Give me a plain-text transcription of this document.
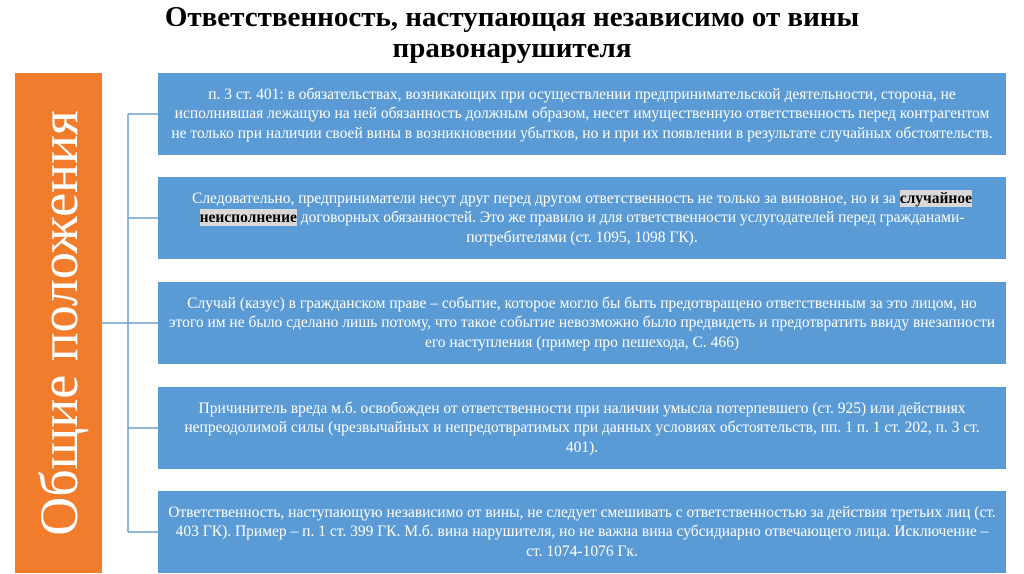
Ответственность, наступающая независимо от вины
правонарушителя
Общие положения
п. 3 ст. 401: в обязательствах, возникающих при осуществлении предпринимательской деятельности, сторона, не исполнившая лежащую на ней обязанность должным образом, несет имущественную ответственность перед контрагентом не только при наличии своей вины в возникновении убытков, но и при их появлении в результате случайных обстоятельств.
Следовательно, предприниматели несут друг перед другом ответственность не только за виновное, но и за случайное неисполнение договорных обязанностей. Это же правило и для ответственности услугодателей перед гражданами-потребителями (ст. 1095, 1098 ГК).
Случай (казус) в гражданском праве – событие, которое могло бы быть предотвращено ответственным за это лицом, но этого им не было сделано лишь потому, что такое событие невозможно было предвидеть и предотвратить ввиду внезапности его наступления (пример про пешехода, С. 466)
Причинитель вреда м.б. освобожден от ответственности при наличии умысла потерпевшего (ст. 925) или действиях непреодолимой силы (чрезвычайных и непредотвратимых при данных условиях обстоятельств, пп. 1 п. 1 ст. 202, п. 3 ст. 401).
Ответственность, наступающую независимо от вины, не следует смешивать с ответственностью за действия третьих лиц (ст. 403 ГК). Пример – п. 1 ст. 399 ГК. М.б. вина нарушителя, но не важна вина субсидиарно отвечающего лица. Исключение – ст. 1074-1076 Гк.
